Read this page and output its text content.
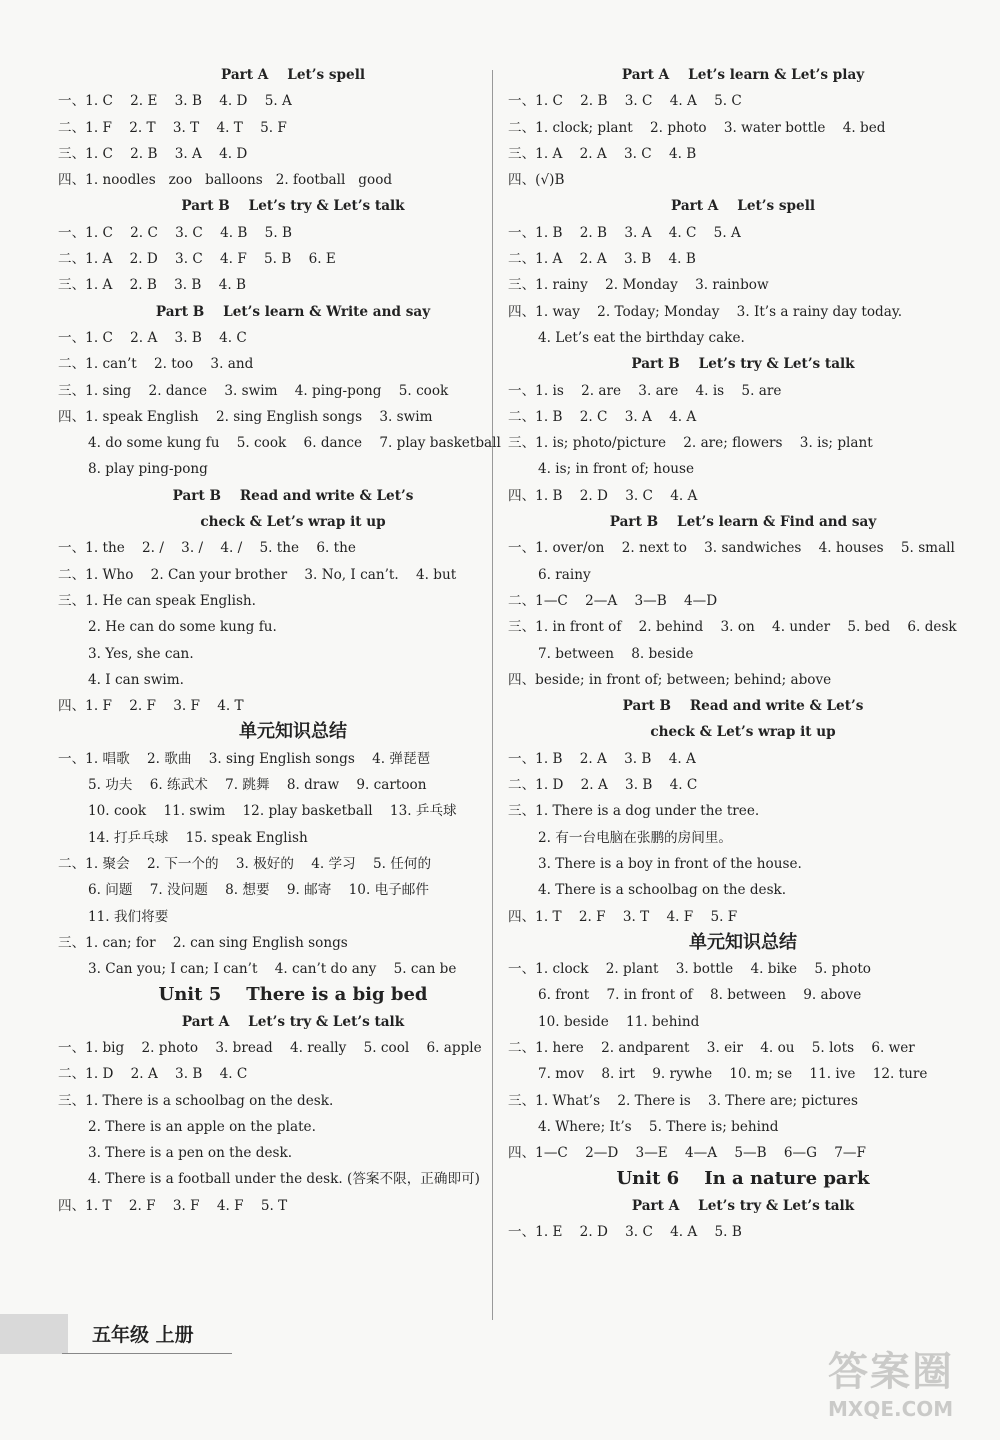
Part A    Let’s spell
一、1. C    2. E    3. B    4. D    5. A
二、1. F    2. T    3. T    4. T    5. F
三、1. C    2. B    3. A    4. D
四、1. noodles   zoo   balloons   2. football   good
Part B    Let’s try & Let’s talk
一、1. C    2. C    3. C    4. B    5. B
二、1. A    2. D    3. C    4. F    5. B    6. E
三、1. A    2. B    3. B    4. B
Part B    Let’s learn & Write and say
一、1. C    2. A    3. B    4. C
二、1. can’t    2. too    3. and
三、1. sing    2. dance    3. swim    4. ping-pong    5. cook
四、1. speak English    2. sing English songs    3. swim
4. do some kung fu    5. cook    6. dance    7. play basketball
8. play ping-pong
Part B    Read and write & Let’s
check & Let’s wrap it up
一、1. the    2. /    3. /    4. /    5. the    6. the
二、1. Who    2. Can your brother    3. No, I can’t.    4. but
三、1. He can speak English.
2. He can do some kung fu.
3. Yes, she can.
4. I can swim.
四、1. F    2. F    3. F    4. T
单元知识总结
一、1. 唱歌    2. 歌曲    3. sing English songs    4. 弹琵琶
5. 功夫    6. 练武术    7. 跳舞    8. draw    9. cartoon
10. cook    11. swim    12. play basketball    13. 乒乓球
14. 打乒乓球    15. speak English
二、1. 聚会    2. 下一个的    3. 极好的    4. 学习    5. 任何的
6. 问题    7. 没问题    8. 想要    9. 邮寄    10. 电子邮件
11. 我们将要
三、1. can; for    2. can sing English songs
3. Can you; I can; I can’t    4. can’t do any    5. can be
Unit 5    There is a big bed
Part A    Let’s try & Let’s talk
一、1. big    2. photo    3. bread    4. really    5. cool    6. apple
二、1. D    2. A    3. B    4. C
三、1. There is a schoolbag on the desk.
2. There is an apple on the plate.
3. There is a pen on the desk.
4. There is a football under the desk. (答案不限，正确即可)
四、1. T    2. F    3. F    4. F    5. T
Part A    Let’s learn & Let’s play
一、1. C    2. B    3. C    4. A    5. C
二、1. clock; plant    2. photo    3. water bottle    4. bed
三、1. A    2. A    3. C    4. B
四、(√)B
Part A    Let’s spell
一、1. B    2. B    3. A    4. C    5. A
二、1. A    2. A    3. B    4. B
三、1. rainy    2. Monday    3. rainbow
四、1. way    2. Today; Monday    3. It’s a rainy day today.
4. Let’s eat the birthday cake.
Part B    Let’s try & Let’s talk
一、1. is    2. are    3. are    4. is    5. are
二、1. B    2. C    3. A    4. A
三、1. is; photo/picture    2. are; flowers    3. is; plant
4. is; in front of; house
四、1. B    2. D    3. C    4. A
Part B    Let’s learn & Find and say
一、1. over/on    2. next to    3. sandwiches    4. houses    5. small
6. rainy
二、1—C    2—A    3—B    4—D
三、1. in front of    2. behind    3. on    4. under    5. bed    6. desk
7. between    8. beside
四、beside; in front of; between; behind; above
Part B    Read and write & Let’s
check & Let’s wrap it up
一、1. B    2. A    3. B    4. A
二、1. D    2. A    3. B    4. C
三、1. There is a dog under the tree.
2. 有一台电脑在张鹏的房间里。
3. There is a boy in front of the house.
4. There is a schoolbag on the desk.
四、1. T    2. F    3. T    4. F    5. F
单元知识总结
一、1. clock    2. plant    3. bottle    4. bike    5. photo
6. front    7. in front of    8. between    9. above
10. beside    11. behind
二、1. here    2. andparent    3. eir    4. ou    5. lots    6. wer
7. mov    8. irt    9. rywhe    10. m; se    11. ive    12. ture
三、1. What’s    2. There is    3. There are; pictures
4. Where; It’s    5. There is; behind
四、1—C    2—D    3—E    4—A    5—B    6—G    7—F
Unit 6    In a nature park
Part A    Let’s try & Let’s talk
一、1. E    2. D    3. C    4. A    5. B
五年级 上册
答案圈
MXQE.COM
